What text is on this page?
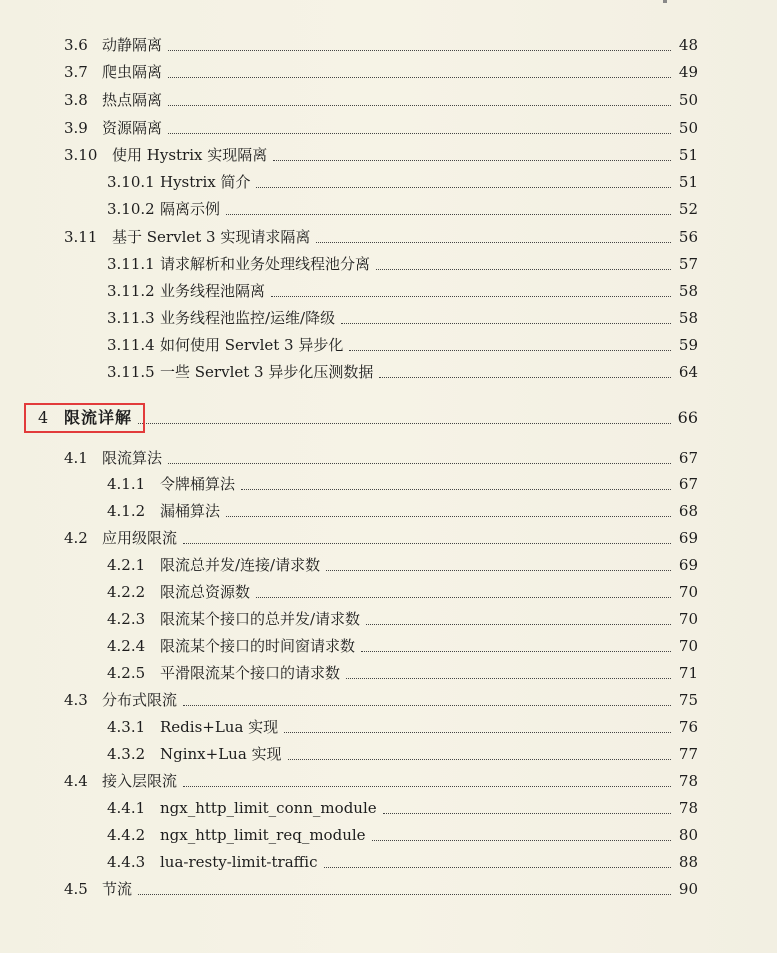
3.6 动静隔离	48
3.7 爬虫隔离	49
3.8 热点隔离	50
3.9 资源隔离	50
3.10 使用 Hystrix 实现隔离	51
3.10.1 Hystrix 简介	51
3.10.2 隔离示例	52
3.11 基于 Servlet 3 实现请求隔离	56
3.11.1 请求解析和业务处理线程池分离	57
3.11.2 业务线程池隔离	58
3.11.3 业务线程池监控/运维/降级	58
3.11.4 如何使用 Servlet 3 异步化	59
3.11.5 一些 Servlet 3 异步化压测数据	64
4 限流详解	66
4.1 限流算法	67
4.1.1 令牌桶算法	67
4.1.2 漏桶算法	68
4.2 应用级限流	69
4.2.1 限流总并发/连接/请求数	69
4.2.2 限流总资源数	70
4.2.3 限流某个接口的总并发/请求数	70
4.2.4 限流某个接口的时间窗请求数	70
4.2.5 平滑限流某个接口的请求数	71
4.3 分布式限流	75
4.3.1 Redis+Lua 实现	76
4.3.2 Nginx+Lua 实现	77
4.4 接入层限流	78
4.4.1 ngx_http_limit_conn_module	78
4.4.2 ngx_http_limit_req_module	80
4.4.3 lua-resty-limit-traffic	88
4.5 节流	90
